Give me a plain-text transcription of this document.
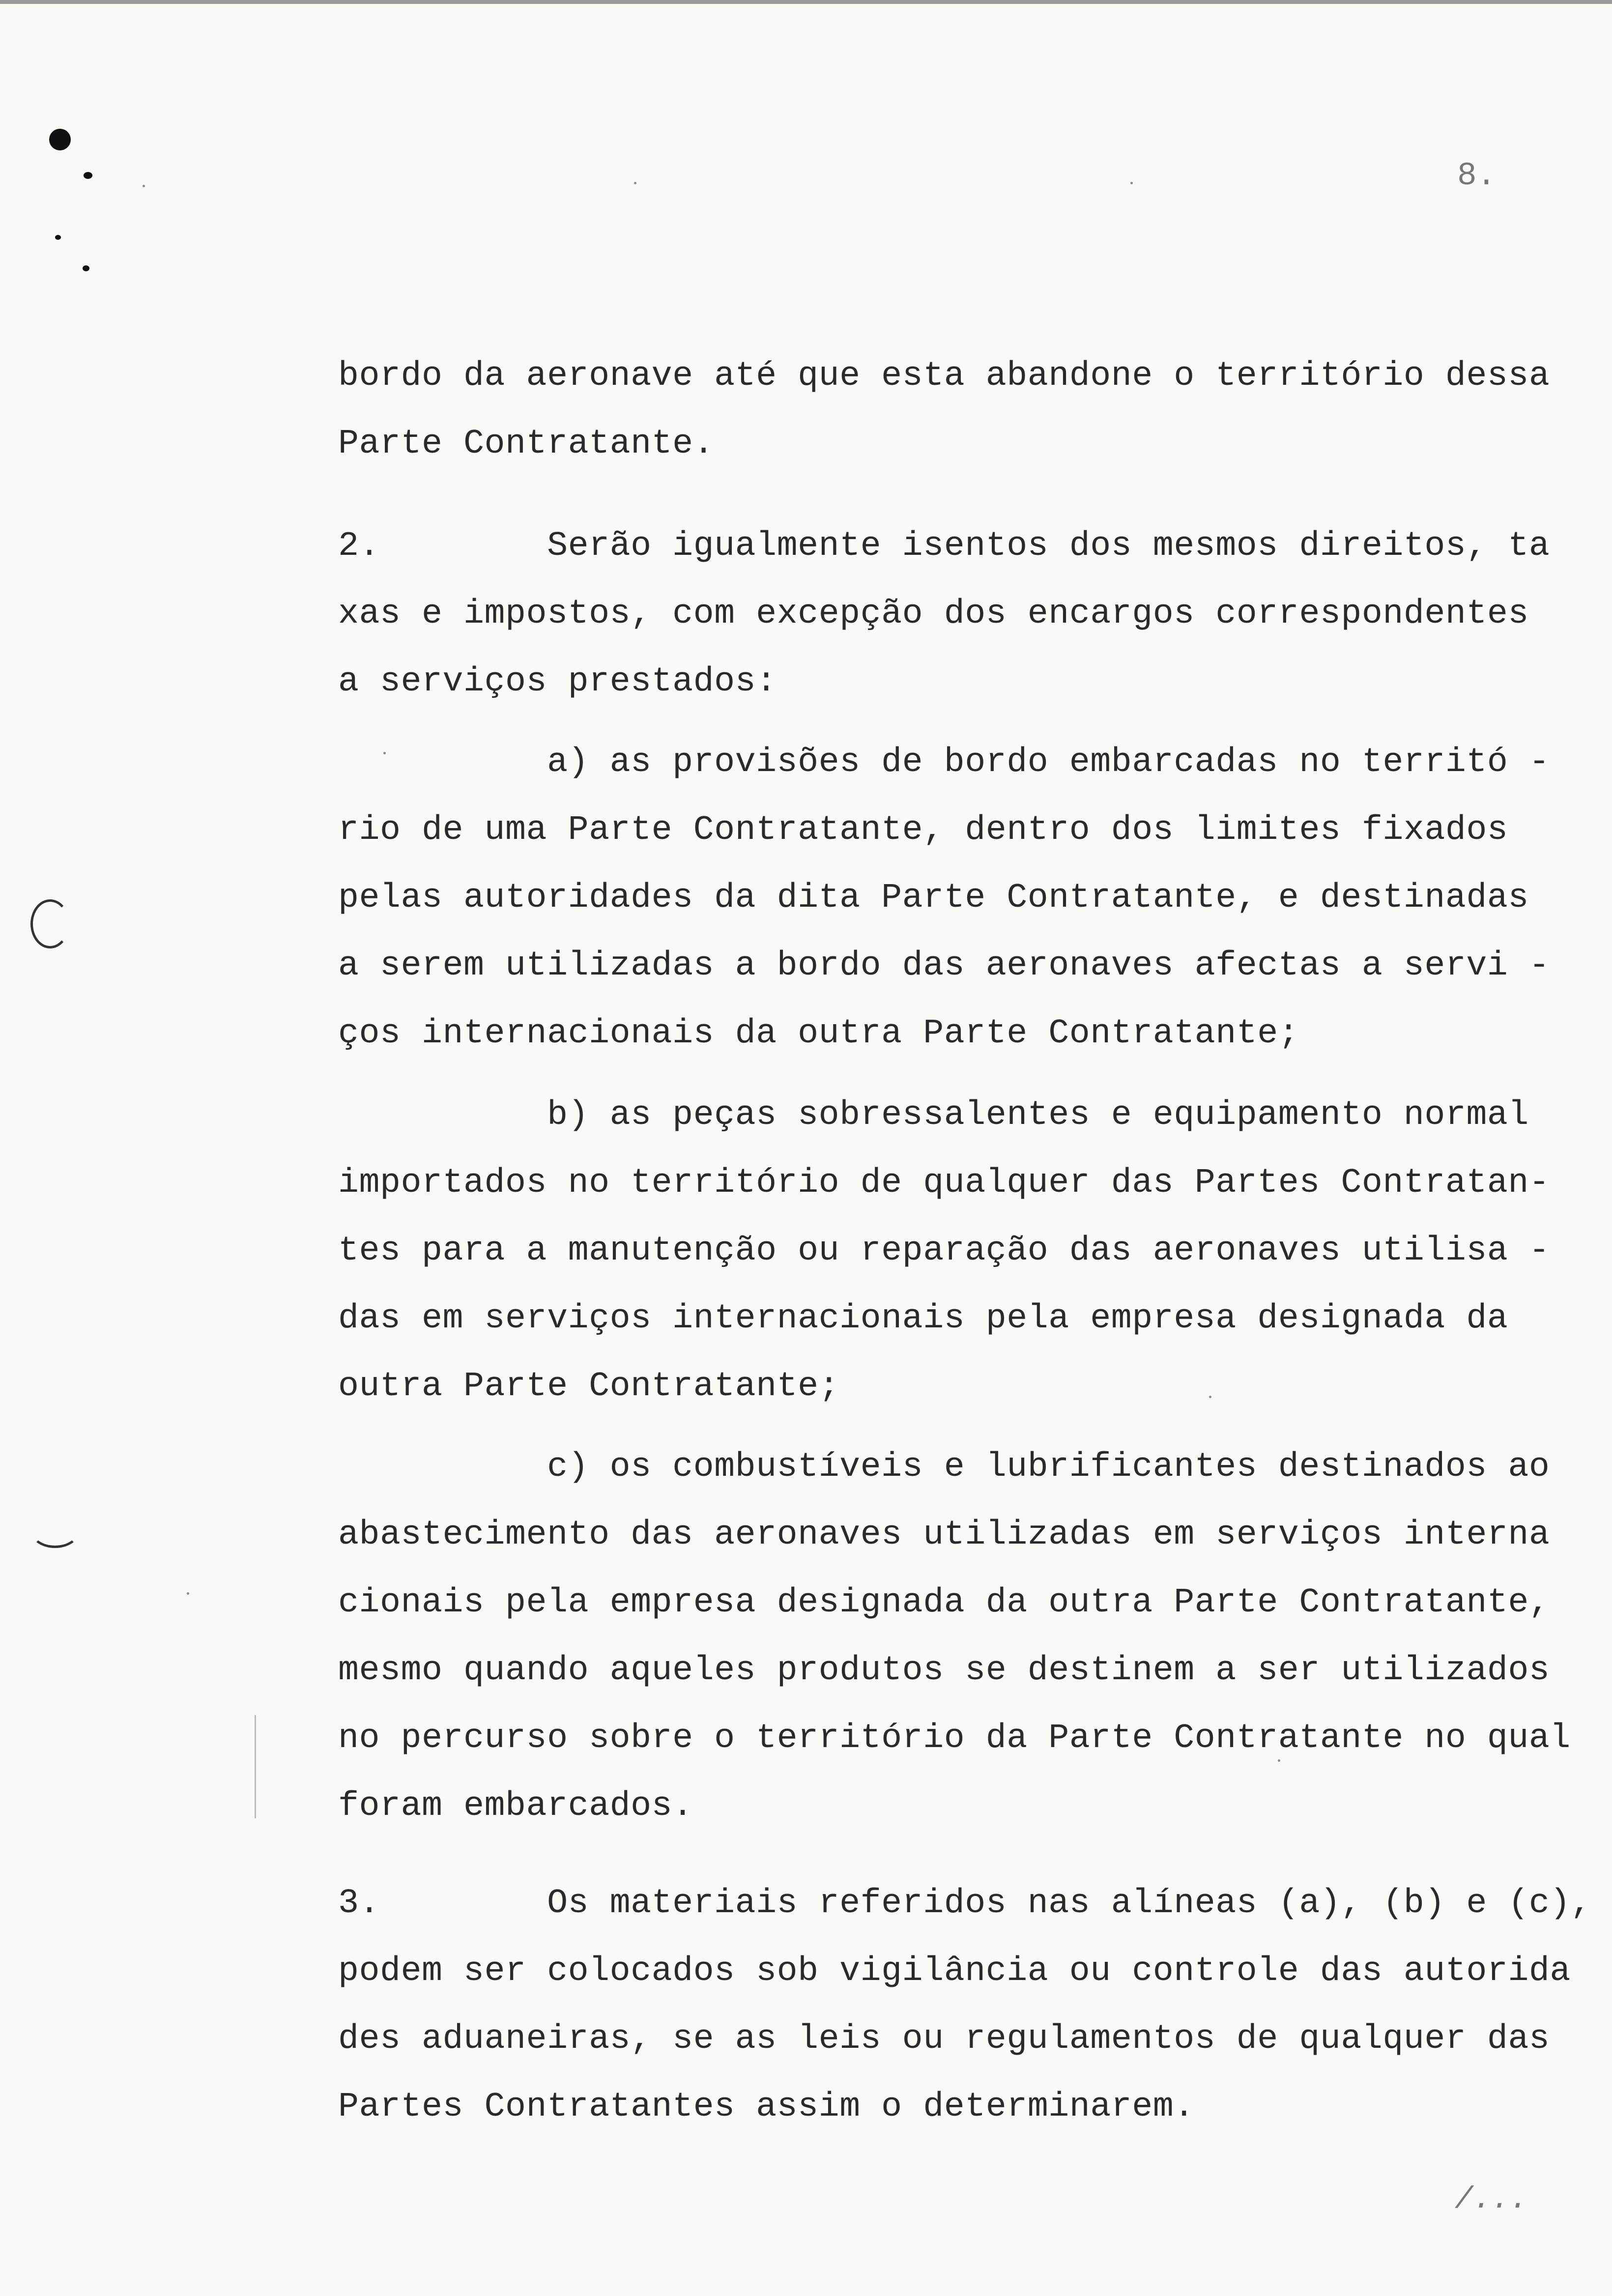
8.
bordo da aeronave até que esta abandone o território dessa
Parte Contratante.
2.        Serão igualmente isentos dos mesmos direitos, ta
xas e impostos, com excepção dos encargos correspondentes
a serviços prestados:
a) as provisões de bordo embarcadas no territó -
rio de uma Parte Contratante, dentro dos limites fixados
pelas autoridades da dita Parte Contratante, e destinadas
a serem utilizadas a bordo das aeronaves afectas a servi -
ços internacionais da outra Parte Contratante;
b) as peças sobressalentes e equipamento normal
importados no território de qualquer das Partes Contratan-
tes para a manutenção ou reparação das aeronaves utilisa -
das em serviços internacionais pela empresa designada da
outra Parte Contratante;
c) os combustíveis e lubrificantes destinados ao
abastecimento das aeronaves utilizadas em serviços interna
cionais pela empresa designada da outra Parte Contratante,
mesmo quando aqueles produtos se destinem a ser utilizados
no percurso sobre o território da Parte Contratante no qual
foram embarcados.
3.        Os materiais referidos nas alíneas (a), (b) e (c),
podem ser colocados sob vigilância ou controle das autorida
des aduaneiras, se as leis ou regulamentos de qualquer das
Partes Contratantes assim o determinarem.
/...
